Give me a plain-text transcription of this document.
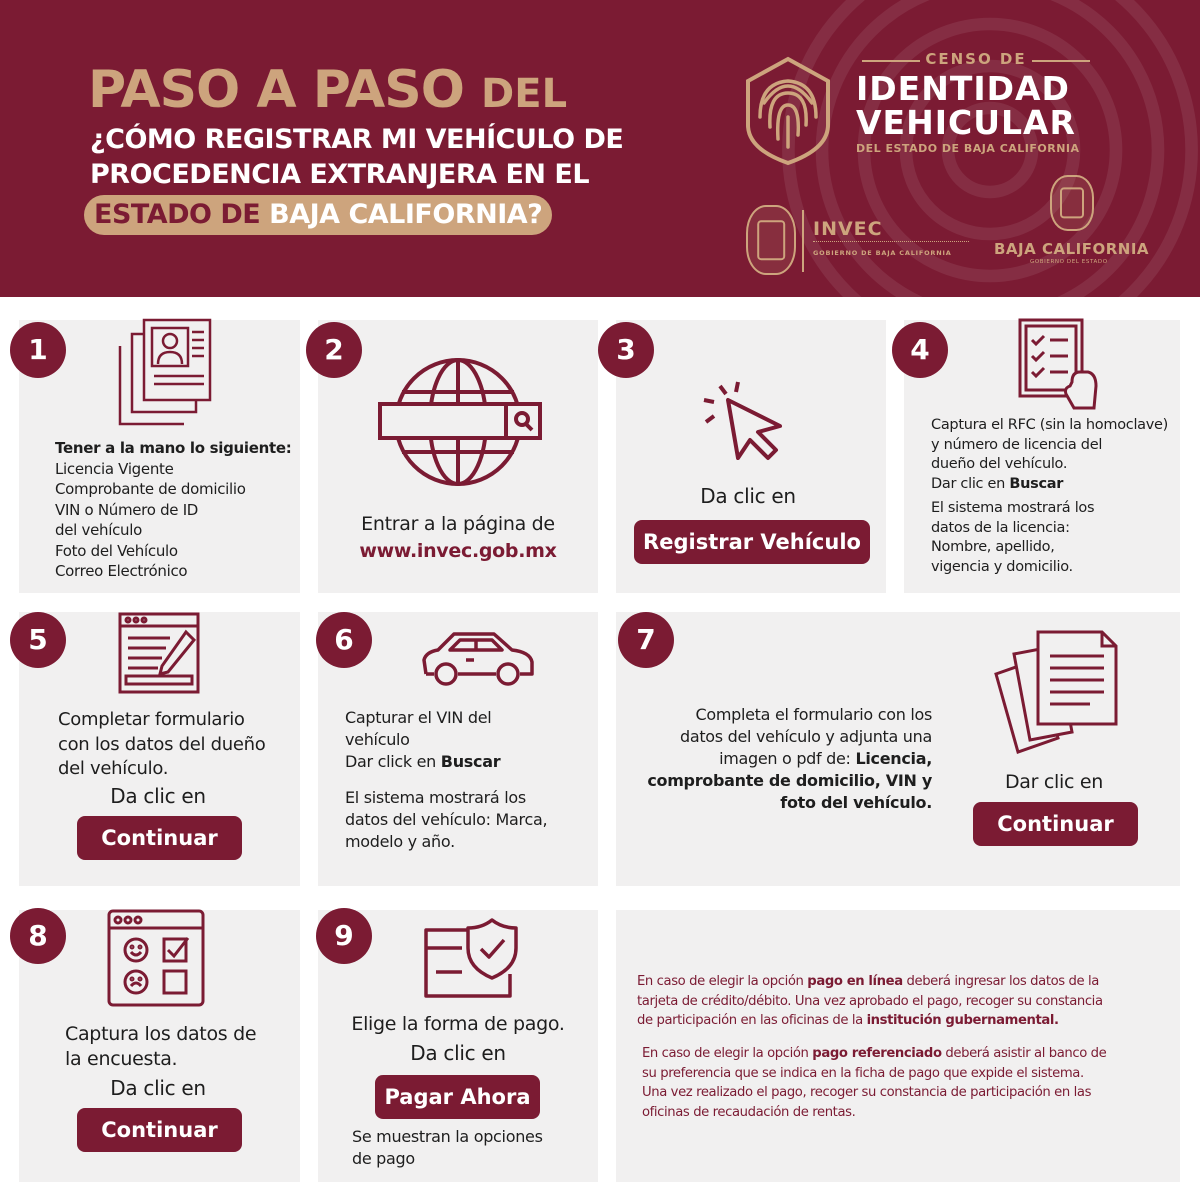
PASO A PASO DEL
¿CÓMO REGISTRAR MI VEHÍCULO DE
PROCEDENCIA EXTRANJERA EN EL
ESTADO DE BAJA CALIFORNIA?
CENSO DE
IDENTIDAD
VEHICULAR
DEL ESTADO DE BAJA CALIFORNIA
INVEC
GOBIERNO DE BAJA CALIFORNIA	BAJA CALIFORNIA
GOBIERNO DEL ESTADO
1
Tener a la mano lo siguiente:
Licencia Vigente
Comprobante de domicilio
VIN o Número de ID
del vehículo
Foto del Vehículo
Correo Electrónico
2
Entrar a la página de
www.invec.gob.mx
3
Da clic en
Registrar Vehículo
4
Captura el RFC (sin la homoclave)
y número de licencia del
dueño del vehículo.
Dar clic en Buscar
El sistema mostrará los
datos de la licencia:
Nombre, apellido,
vigencia y domicilio.
5
Completar formulario
con los datos del dueño
del vehículo.
Da clic en
Continuar
6
Capturar el VIN del
vehículo
Dar click en Buscar
El sistema mostrará los
datos del vehículo: Marca,
modelo y año.
7
Completa el formulario con los
datos del vehículo y adjunta una
imagen o pdf de: Licencia,
comprobante de domicilio, VIN y
foto del vehículo.
Dar clic en
Continuar
8
Captura los datos de
la encuesta.
Da clic en
Continuar
9
Elige la forma de pago.
Da clic en
Pagar Ahora
Se muestran la opciones
de pago
En caso de elegir la opción pago en línea deberá ingresar los datos de la
tarjeta de crédito/débito. Una vez aprobado el pago, recoger su constancia
de participación en las oficinas de la institución gubernamental.
En caso de elegir la opción pago referenciado deberá asistir al banco de
su preferencia que se indica en la ficha de pago que expide el sistema.
Una vez realizado el pago, recoger su constancia de participación en las
oficinas de recaudación de rentas.
